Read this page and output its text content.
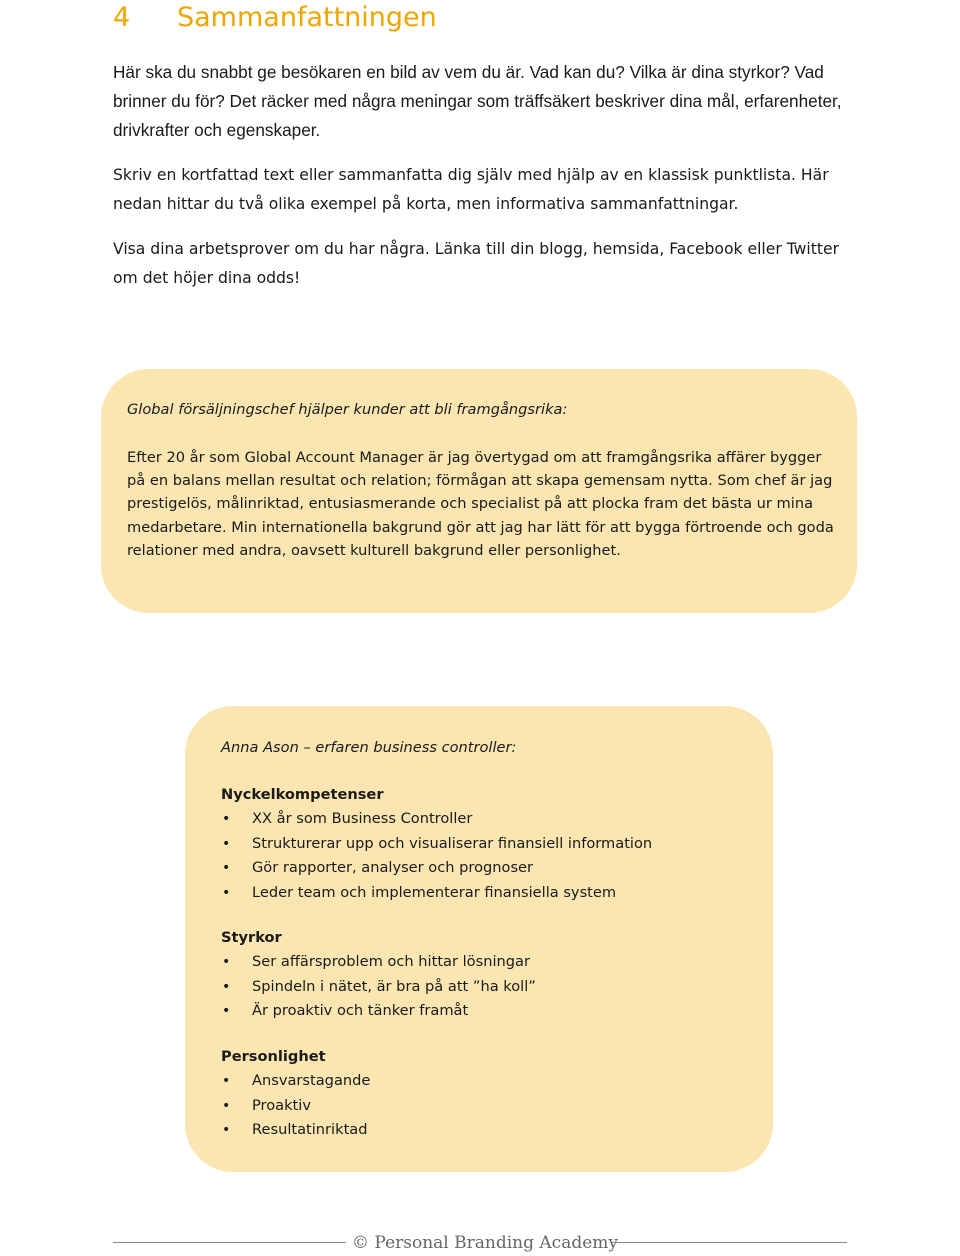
4 Sammanfattningen

Här ska du snabbt ge besökaren en bild av vem du är. Vad kan du? Vilka är dina styrkor? Vad brinner du för? Det räcker med några meningar som träffsäkert beskriver dina mål, erfarenheter, drivkrafter och egenskaper.

Skriv en kortfattad text eller sammanfatta dig själv med hjälp av en klassisk punktlista. Här nedan hittar du två olika exempel på korta, men informativa sammanfattningar.

Visa dina arbetsprover om du har några. Länka till din blogg, hemsida, Facebook eller Twitter om det höjer dina odds!

Global försäljningschef hjälper kunder att bli framgångsrika:

Efter 20 år som Global Account Manager är jag övertygad om att framgångsrika affärer bygger på en balans mellan resultat och relation; förmågan att skapa gemensam nytta. Som chef är jag prestigelös, målinriktad, entusiasmerande och specialist på att plocka fram det bästa ur mina medarbetare. Min internationella bakgrund gör att jag har lätt för att bygga förtroende och goda relationer med andra, oavsett kulturell bakgrund eller personlighet.

Anna Ason – erfaren business controller:

Nyckelkompetenser

• XX år som Business Controller
• Strukturerar upp och visualiserar finansiell information
• Gör rapporter, analyser och prognoser
• Leder team och implementerar finansiella system

Styrkor

• Ser affärsproblem och hittar lösningar
• Spindeln i nätet, är bra på att ”ha koll”
• Är proaktiv och tänker framåt

Personlighet

• Ansvarstagande
• Proaktiv
• Resultatinriktad
© Personal Branding Academy
